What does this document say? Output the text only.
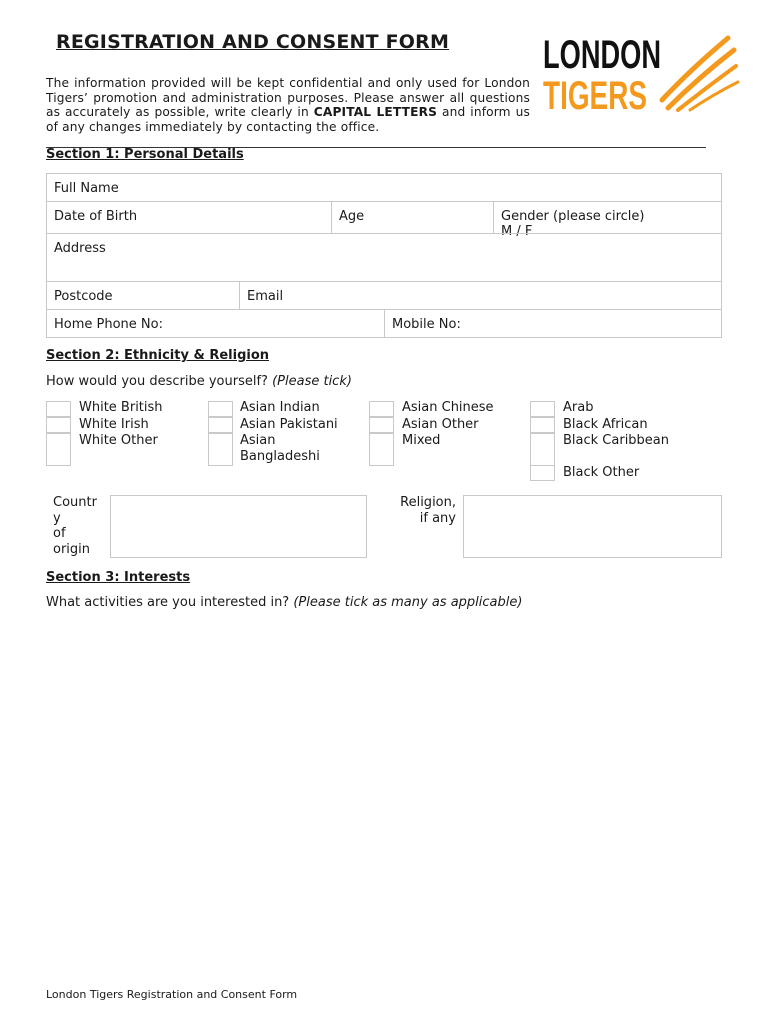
REGISTRATION AND CONSENT FORM
The information provided will be kept confidential and only used for London Tigers’ promotion and administration purposes. Please answer all questions as accurately as possible, write clearly in CAPITAL LETTERS and inform us of any changes immediately by contacting the office.
LONDON
TIGERS
Section 1: Personal Details
Full Name
Date of Birth	Age	Gender (please circle)
M / F
Address
Postcode	Email
Home Phone No:	Mobile No:
Section 2: Ethnicity & Religion
How would you describe yourself? (Please tick)
White British
White Irish
White Other
Asian Indian
Asian Pakistani
Asian Bangladeshi
Asian Chinese
Asian Other
Mixed
Arab
Black African
Black Caribbean
Black Other
Countr
y
of
origin
Religion,
if any
Section 3: Interests
What activities are you interested in? (Please tick as many as applicable)
London Tigers Registration and Consent Form
